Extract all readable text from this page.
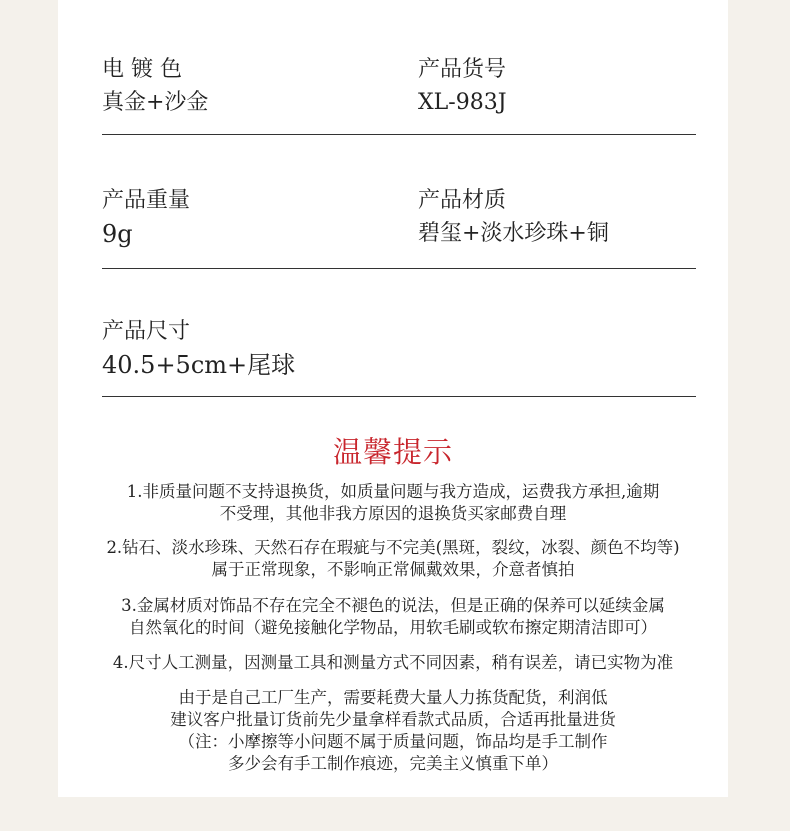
电 镀 色
真金+沙金
产品货号
XL-983J
产品重量
9g
产品材质
碧玺+淡水珍珠+铜
产品尺寸
40.5+5cm+尾球
温馨提示

1.非质量问题不支持退换货，如质量问题与我方造成，运费我方承担,逾期

不受理，其他非我方原因的退换货买家邮费自理

2.钻石、淡水珍珠、天然石存在瑕疵与不完美(黑斑，裂纹，冰裂、颜色不均等)

属于正常现象，不影响正常佩戴效果，介意者慎拍

3.金属材质对饰品不存在完全不褪色的说法，但是正确的保养可以延续金属

自然氧化的时间（避免接触化学物品，用软毛刷或软布擦定期清洁即可）

4.尺寸人工测量，因测量工具和测量方式不同因素，稍有误差，请已实物为准

由于是自己工厂生产，需要耗费大量人力拣货配货，利润低

建议客户批量订货前先少量拿样看款式品质，合适再批量进货

（注：小摩擦等小问题不属于质量问题，饰品均是手工制作

多少会有手工制作痕迹，完美主义慎重下单）
